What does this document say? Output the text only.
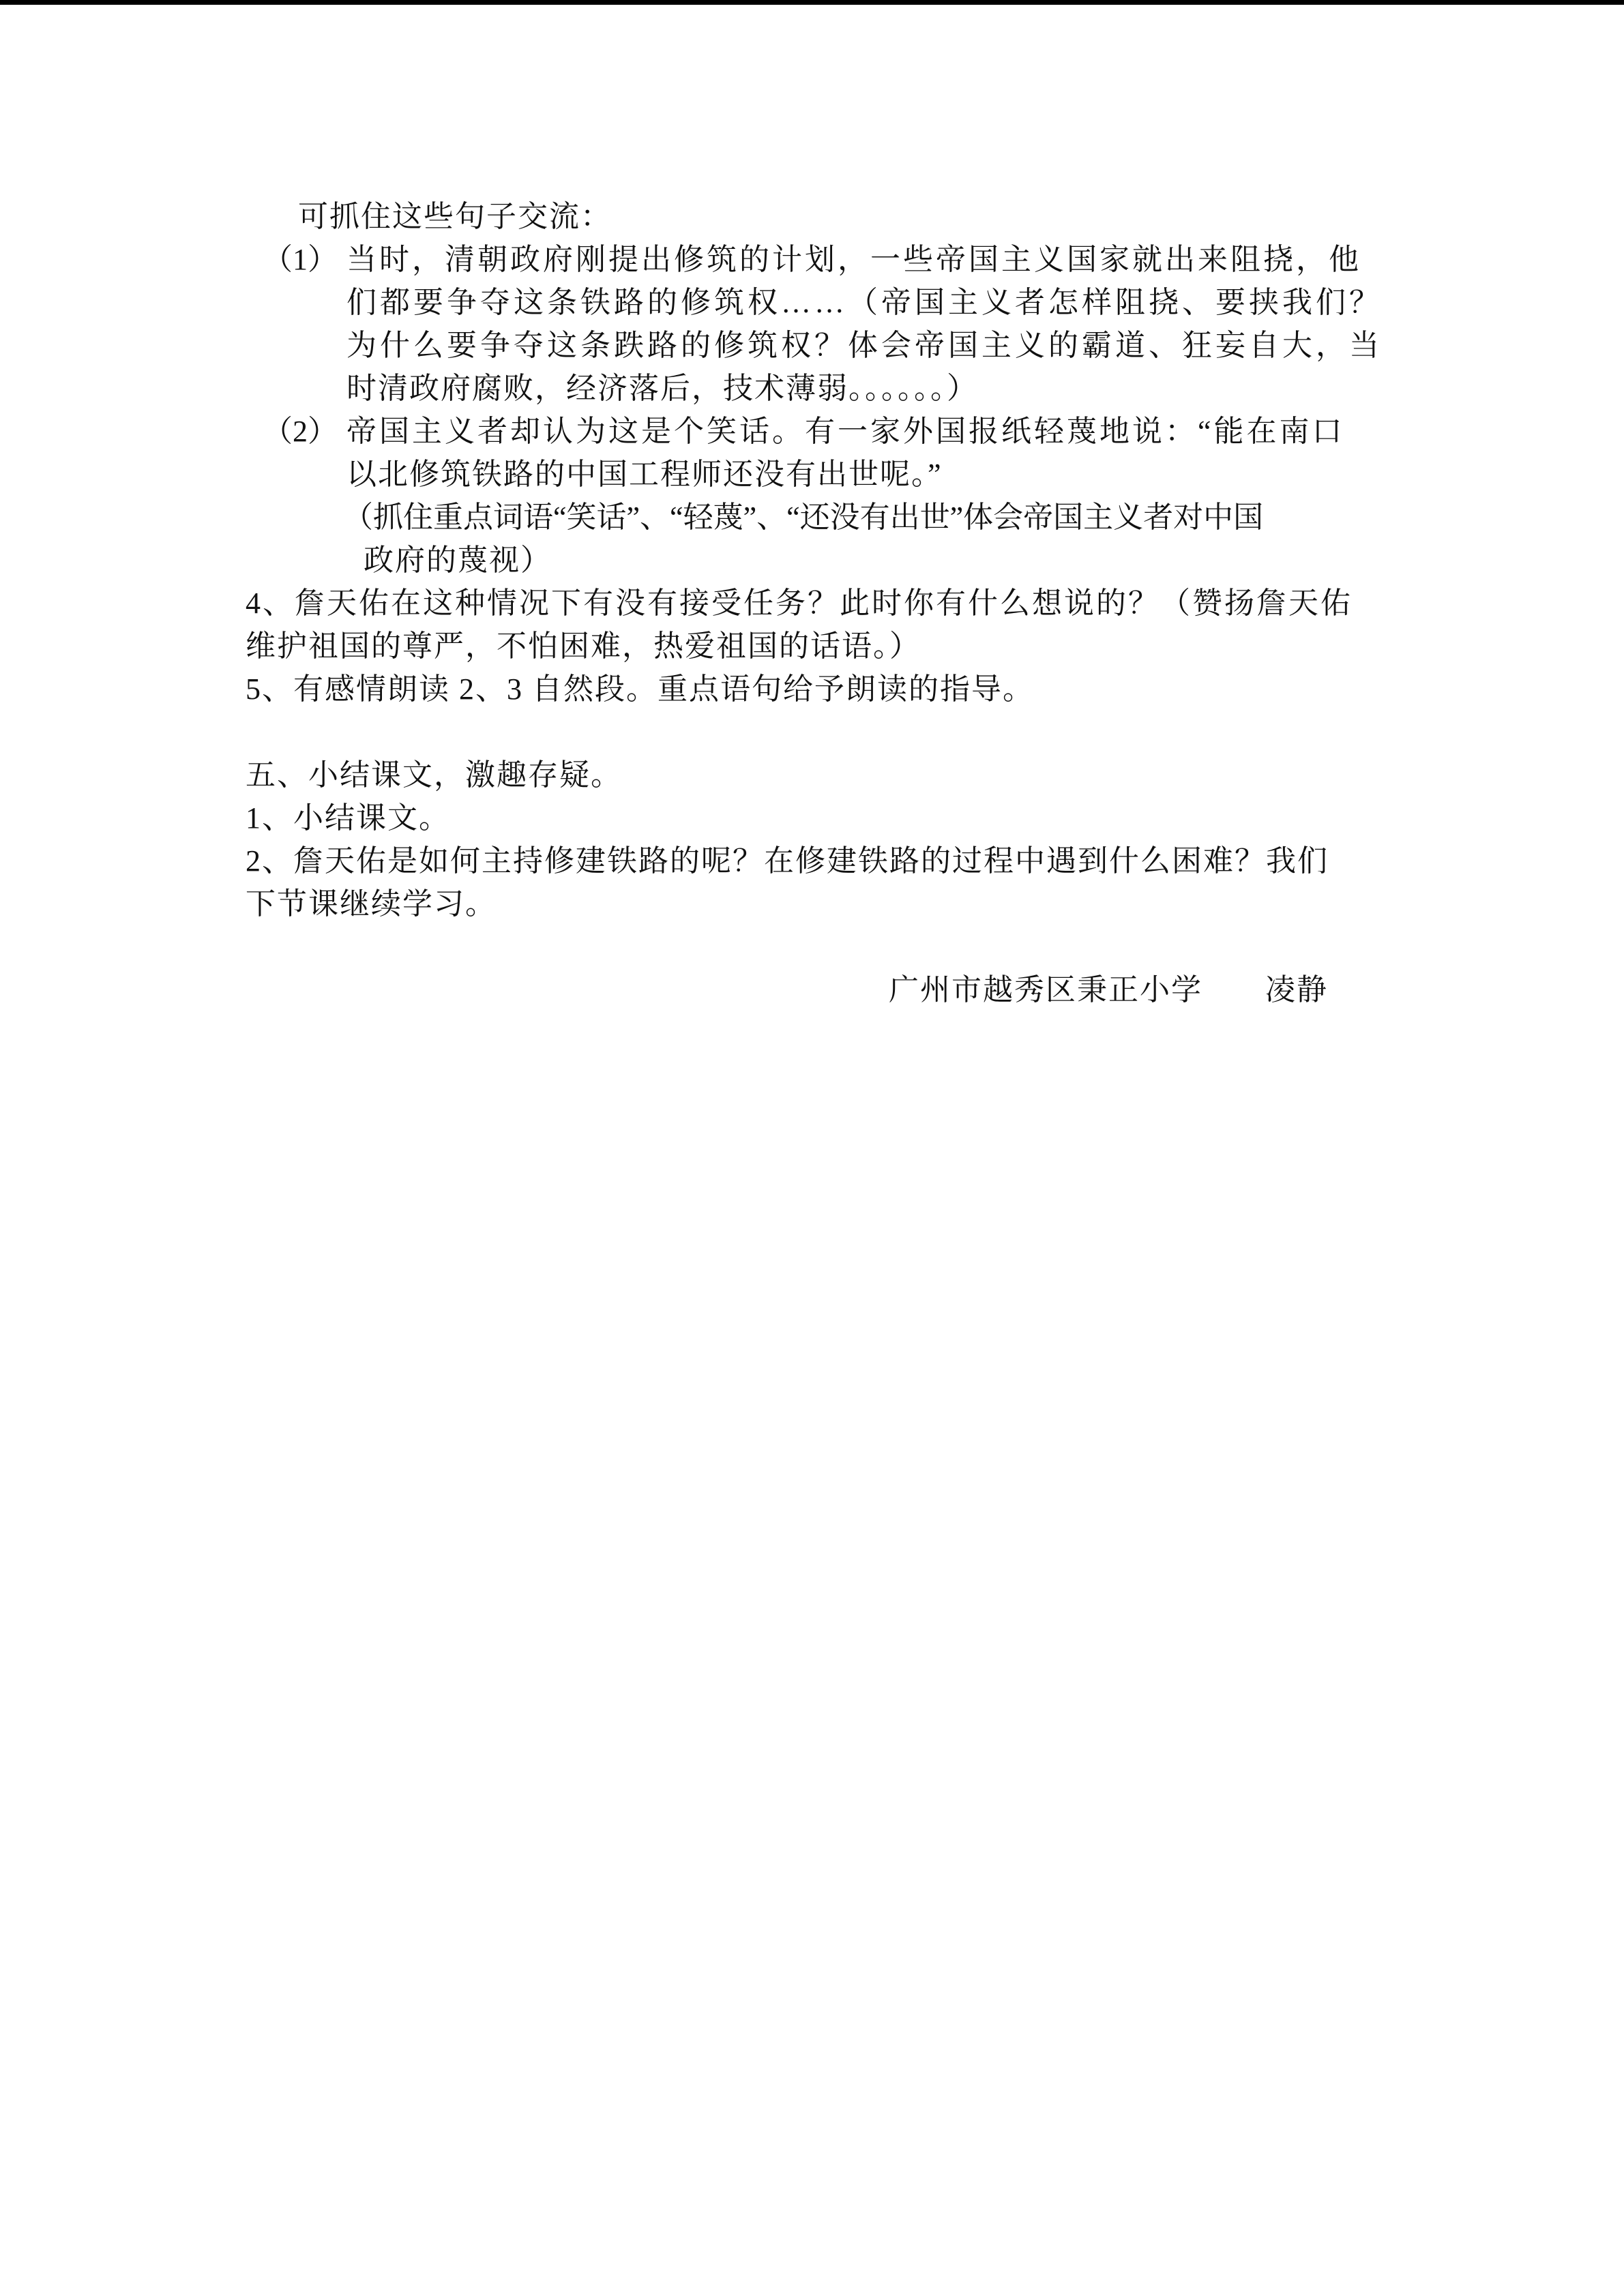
可抓住这些句子交流：
（1） 当时，清朝政府刚提出修筑的计划，一些帝国主义国家就出来阻挠，他
们都要争夺这条铁路的修筑权……（帝国主义者怎样阻挠、要挟我们？
为什么要争夺这条跌路的修筑权？体会帝国主义的霸道、狂妄自大，当
时清政府腐败，经济落后，技术薄弱。。。。。。）
（2） 帝国主义者却认为这是个笑话。有一家外国报纸轻蔑地说：“能在南口
以北修筑铁路的中国工程师还没有出世呢。”
（抓住重点词语“笑话”、“轻蔑”、“还没有出世”体会帝国主义者对中国
政府的蔑视）
4、詹天佑在这种情况下有没有接受任务？此时你有什么想说的？（赞扬詹天佑
维护祖国的尊严，不怕困难，热爱祖国的话语。）
5、有感情朗读 2、3 自然段。重点语句给予朗读的指导。
五、小结课文，激趣存疑。
1、小结课文。
2、詹天佑是如何主持修建铁路的呢？在修建铁路的过程中遇到什么困难？我们
下节课继续学习。
广州市越秀区秉正小学　　凌静
